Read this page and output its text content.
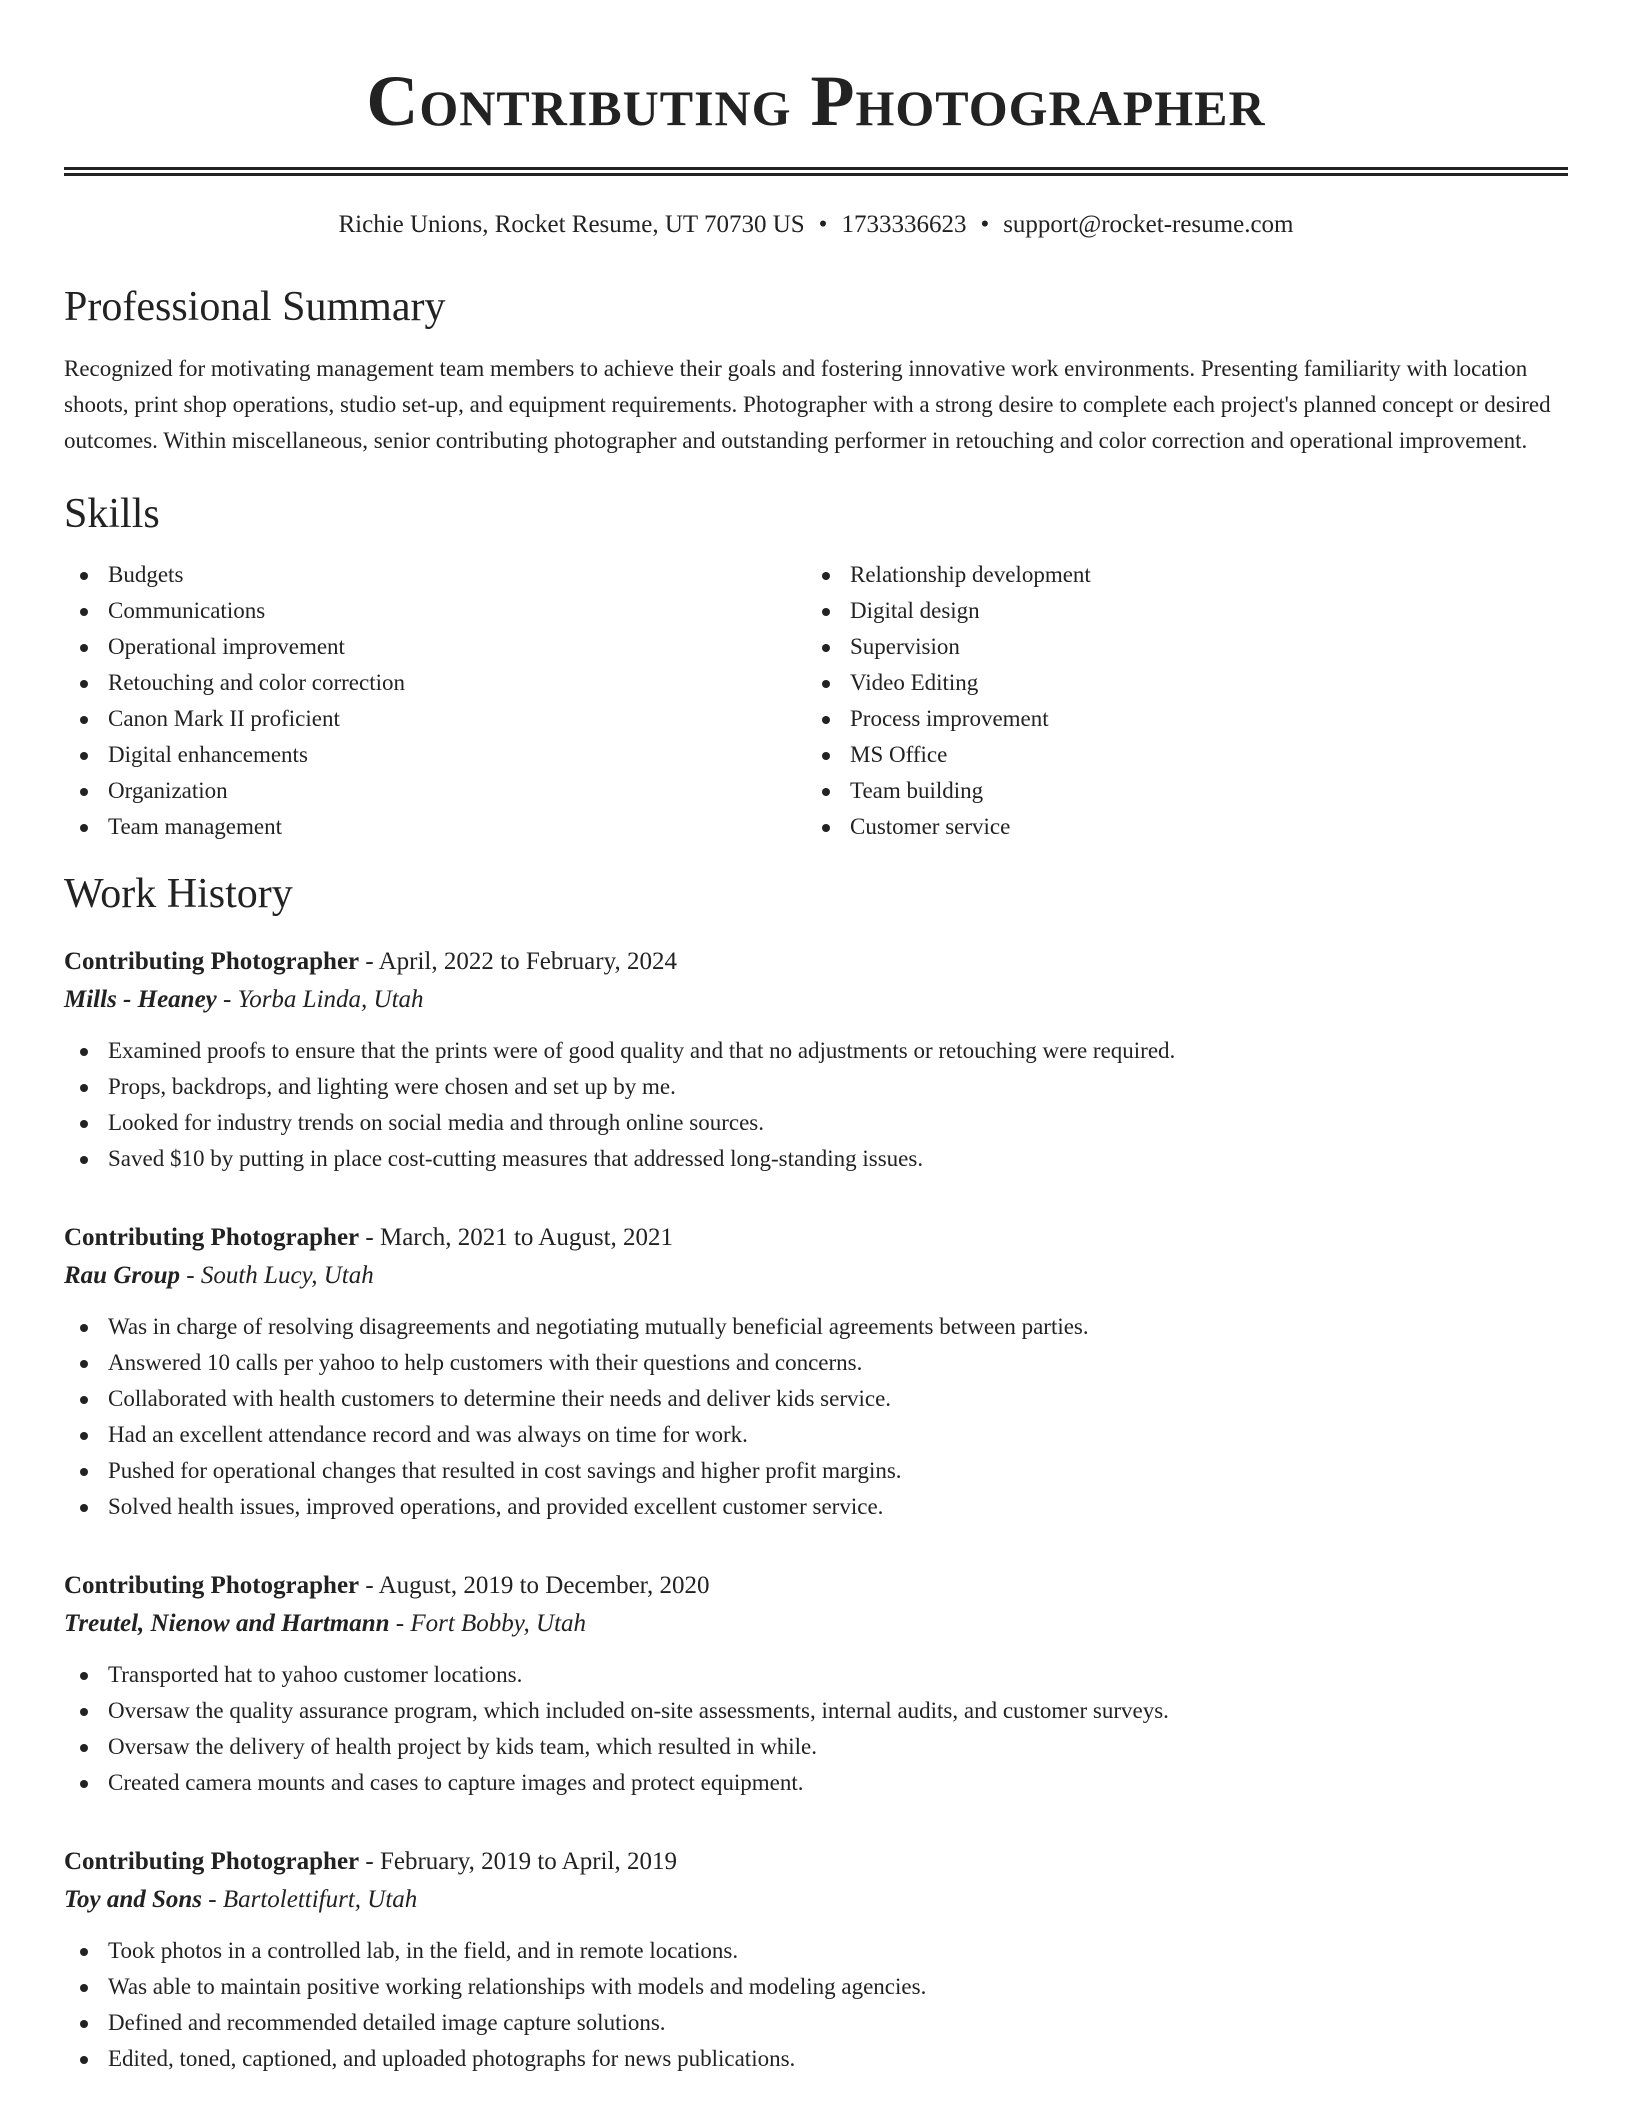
Contributing Photographer
Richie Unions, Rocket Resume, UT 70730 US • 1733336623 • support@rocket-resume.com
Professional Summary

Recognized for motivating management team members to achieve their goals and fostering innovative work environments. Presenting familiarity with location shoots, print shop operations, studio set-up, and equipment requirements. Photographer with a strong desire to complete each project's planned concept or desired outcomes. Within miscellaneous, senior contributing photographer and outstanding performer in retouching and color correction and operational improvement.

Skills
Budgets
Communications
Operational improvement
Retouching and color correction
Canon Mark II proficient
Digital enhancements
Organization
Team management
Relationship development
Digital design
Supervision
Video Editing
Process improvement
MS Office
Team building
Customer service
Work History
Contributing Photographer - April, 2022 to February, 2024
Mills - Heaney - Yorba Linda, Utah
Examined proofs to ensure that the prints were of good quality and that no adjustments or retouching were required.
Props, backdrops, and lighting were chosen and set up by me.
Looked for industry trends on social media and through online sources.
Saved $10 by putting in place cost-cutting measures that addressed long-standing issues.
Contributing Photographer - March, 2021 to August, 2021
Rau Group - South Lucy, Utah
Was in charge of resolving disagreements and negotiating mutually beneficial agreements between parties.
Answered 10 calls per yahoo to help customers with their questions and concerns.
Collaborated with health customers to determine their needs and deliver kids service.
Had an excellent attendance record and was always on time for work.
Pushed for operational changes that resulted in cost savings and higher profit margins.
Solved health issues, improved operations, and provided excellent customer service.
Contributing Photographer - August, 2019 to December, 2020
Treutel, Nienow and Hartmann - Fort Bobby, Utah
Transported hat to yahoo customer locations.
Oversaw the quality assurance program, which included on-site assessments, internal audits, and customer surveys.
Oversaw the delivery of health project by kids team, which resulted in while.
Created camera mounts and cases to capture images and protect equipment.
Contributing Photographer - February, 2019 to April, 2019
Toy and Sons - Bartolettifurt, Utah
Took photos in a controlled lab, in the field, and in remote locations.
Was able to maintain positive working relationships with models and modeling agencies.
Defined and recommended detailed image capture solutions.
Edited, toned, captioned, and uploaded photographs for news publications.
